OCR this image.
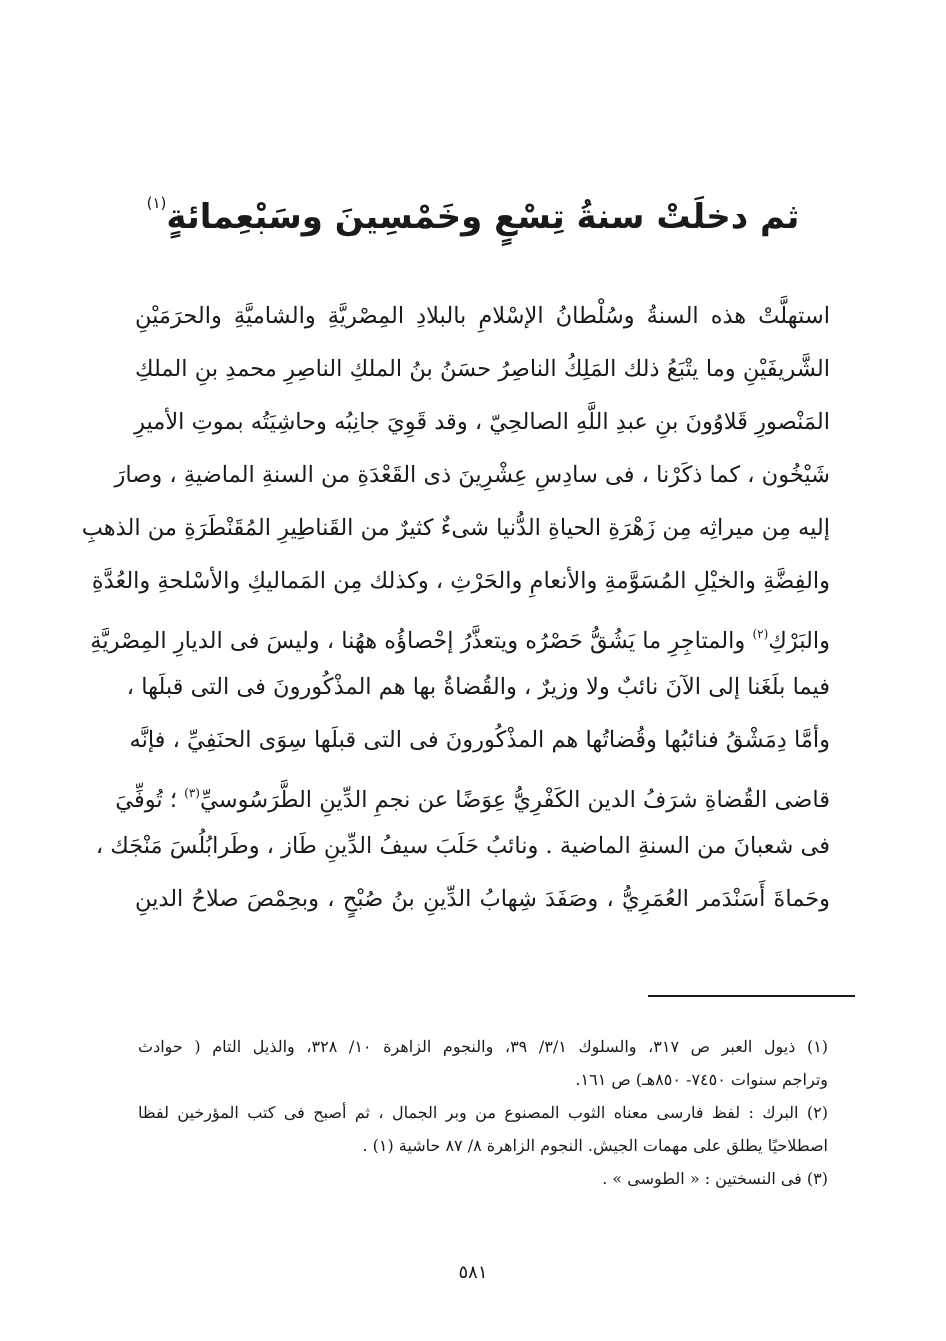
ثم دخلَتْ سنةُ تِسْعٍ وخَمْسِينَ وسَبْعِمائةٍ$^{(١)}$
استهلَّتْ هذه السنةُ وسُلْطانُ الإسْلامِ بالبلادِ المِصْريَّةِ والشاميَّةِ والحرَمَيْنِ
الشَّريفَيْنِ وما يتْبَعُ ذلك المَلِكُ الناصِرُ حسَنُ بنُ الملكِ الناصِرِ محمدِ بنِ الملكِ
المَنْصورِ قَلاوُونَ بنِ عبدِ اللَّهِ الصالحِيّ ، وقد قَوِيَ جانِبُه وحاشِيَتُه بموتِ الأميرِ
شَيْخُون ، كما ذكَرْنا ، فى سادِسِ عِشْرِينَ ذى القَعْدَةِ من السنةِ الماضيةِ ، وصارَ
إليه مِن ميراثِه مِن زَهْرَةِ الحياةِ الدُّنيا شىءٌ كثيرٌ من القَناطِيرِ المُقَنْطَرَةِ من الذهبِ
والفِضَّةِ والخيْلِ المُسَوَّمةِ والأنعامِ والحَرْثِ ، وكذلك مِن المَماليكِ والأسْلحةِ والعُدَّةِ
والبَرْكِ$^{(٢)}$ والمتاجِرِ ما يَشُقُّ حَصْرُه ويتعذَّرُ إحْصاؤُه ههُنا ، وليسَ فى الديارِ المِصْريَّةِ
فيما بلَغَنا إلى الآنَ نائبٌ ولا وزيرٌ ، والقُضاةُ بها هم المذْكُورونَ فى التى قبلَها ،
وأمَّا دِمَشْقُ فنائبُها وقُضاتُها هم المذْكُورونَ فى التى قبلَها سِوَى الحنَفِيِّ ، فإنَّه
قاضى القُضاةِ شرَفُ الدين الكَفْرِيُّ عِوَضًا عن نجمِ الدِّينِ الطَّرَسُوسيِّ$^{(٣)}$ ؛ تُوفِّيَ
فى شعبانَ من السنةِ الماضية . ونائبُ حَلَبَ سيفُ الدِّينِ طَاز ، وطَرابُلُسَ مَنْجَك ،
وحَماةَ أَسَنْدَمر العُمَرِيُّ ، وصَفَدَ شِهابُ الدِّينِ بنُ صُبْحٍ ، وبحِمْصَ صلاحُ الدينِ
(١) ذيول العبر ص ٣١٧، والسلوك ٣/١/ ٣٩، والنجوم الزاهرة ١٠/ ٣٢٨، والذيل التام ( حوادث
وتراجم سنوات ٧٤٥٠- ٨٥٠هـ) ص ١٦١.
(٢) البرك : لفظ فارسى معناه الثوب المصنوع من وبر الجمال ، ثم أصبح فى كتب المؤرخين لفظا
اصطلاحيًا يطلق على مهمات الجيش. النجوم الزاهرة ٨/ ٨٧ حاشية (١) .
(٣) فى النسختين : « الطوسى » .
٥٨١
